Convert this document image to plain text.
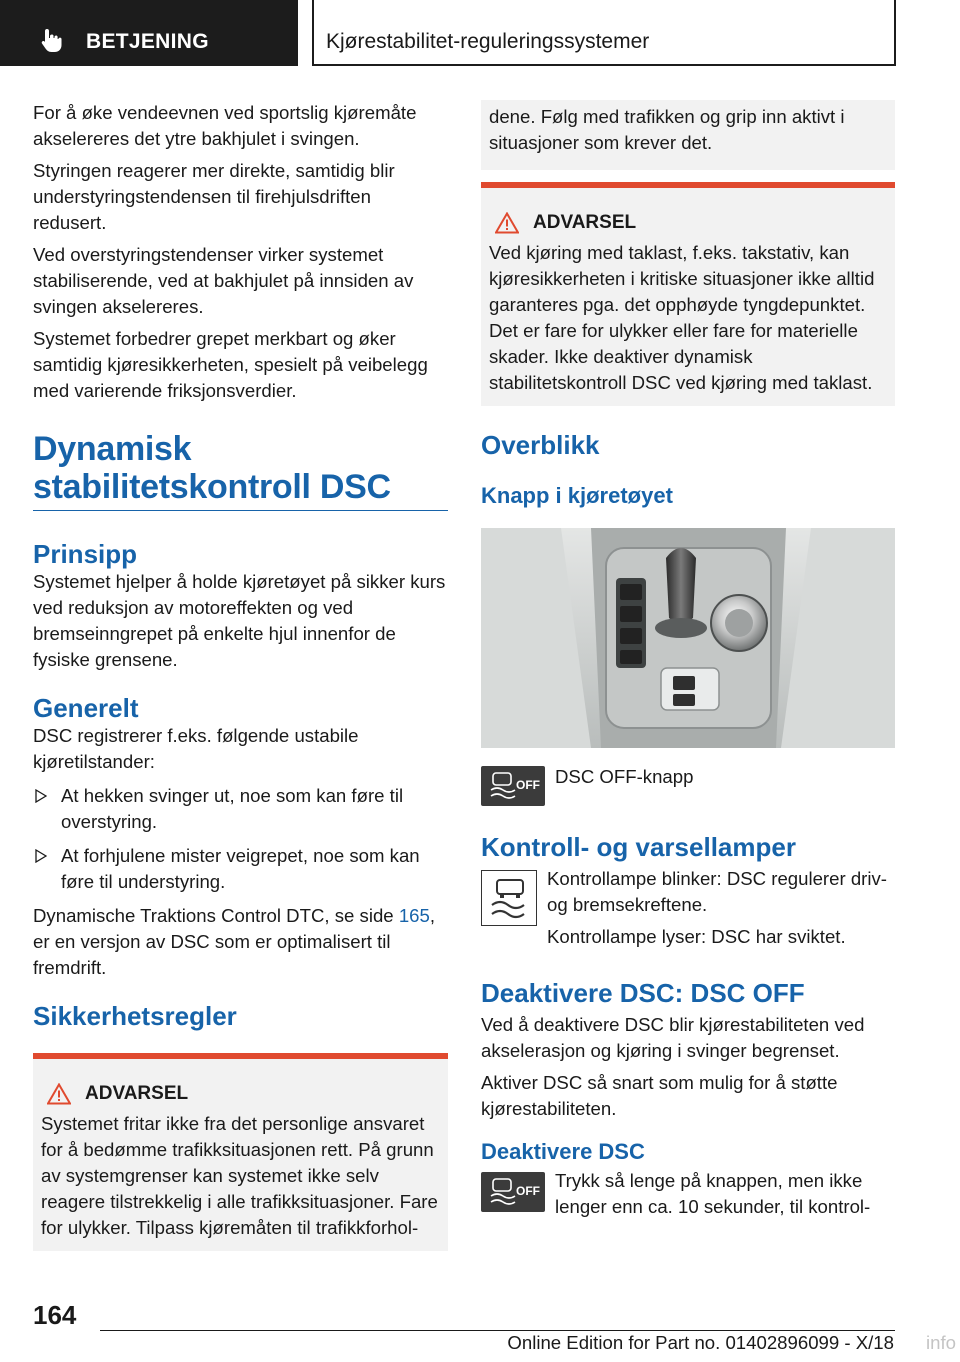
BETJENING	Kjørestabilitet-reguleringssystemer

For å øke vendeevnen ved sportslig kjøremåte akselereres det ytre bakhjulet i svingen.

Styringen reagerer mer direkte, samtidig blir understyringstendensen til firehjulsdriften redusert.

Ved overstyringstendenser virker systemet stabiliserende, ved at bakhjulet på innsiden av svingen akselereres.

Systemet forbedrer grepet merkbart og øker samtidig kjøresikkerheten, spesielt på veibelegg med varierende friksjonsverdier.

Dynamisk
stabilitetskontroll DSC
Prinsipp

Systemet hjelper å holde kjøretøyet på sikker kurs ved reduksjon av motoreffekten og ved bremseinngrepet på enkelte hjul innenfor de fysiske grensene.

Generelt

DSC registrerer f.eks. følgende ustabile kjøretilstander:

At hekken svinger ut, noe som kan føre til overstyring.
At forhjulene mister veigrepet, noe som kan føre til understyring.

Dynamische Traktions Control DTC, se side 165, er en versjon av DSC som er optimalisert til fremdrift.

Sikkerhetsregler
ADVARSEL

Systemet fritar ikke fra det personlige ansvaret for å bedømme trafikksituasjonen rett. På grunn av systemgrenser kan systemet ikke selv reagere tilstrekkelig i alle trafikksituasjoner. Fare for ulykker. Tilpass kjøremåten til trafikkforhol-

dene. Følg med trafikken og grip inn aktivt i situasjoner som krever det.

ADVARSEL

Ved kjøring med taklast, f.eks. takstativ, kan kjøresikkerheten i kritiske situasjoner ikke alltid garanteres pga. det opphøyde tyngdepunktet. Det er fare for ulykker eller fare for materielle skader. Ikke deaktiver dynamisk stabilitetskontroll DSC ved kjøring med taklast.

Overblikk
Knapp i kjøretøyet
OFF DSC OFF-knapp

Kontroll- og varsellamper

Kontrollampe blinker: DSC regulerer driv- og bremsekreftene.

Kontrollampe lyser: DSC har sviktet.

Deaktivere DSC: DSC OFF

Ved å deaktivere DSC blir kjørestabiliteten ved akselerasjon og kjøring i svinger begrenset.

Aktiver DSC så snart som mulig for å støtte kjørestabiliteten.

Deaktivere DSC
OFF Trykk så lenge på knappen, men ikke lenger enn ca. 10 sekunder, til kontrol-

164
Online Edition for Part no. 01402896099 - X/18 info
